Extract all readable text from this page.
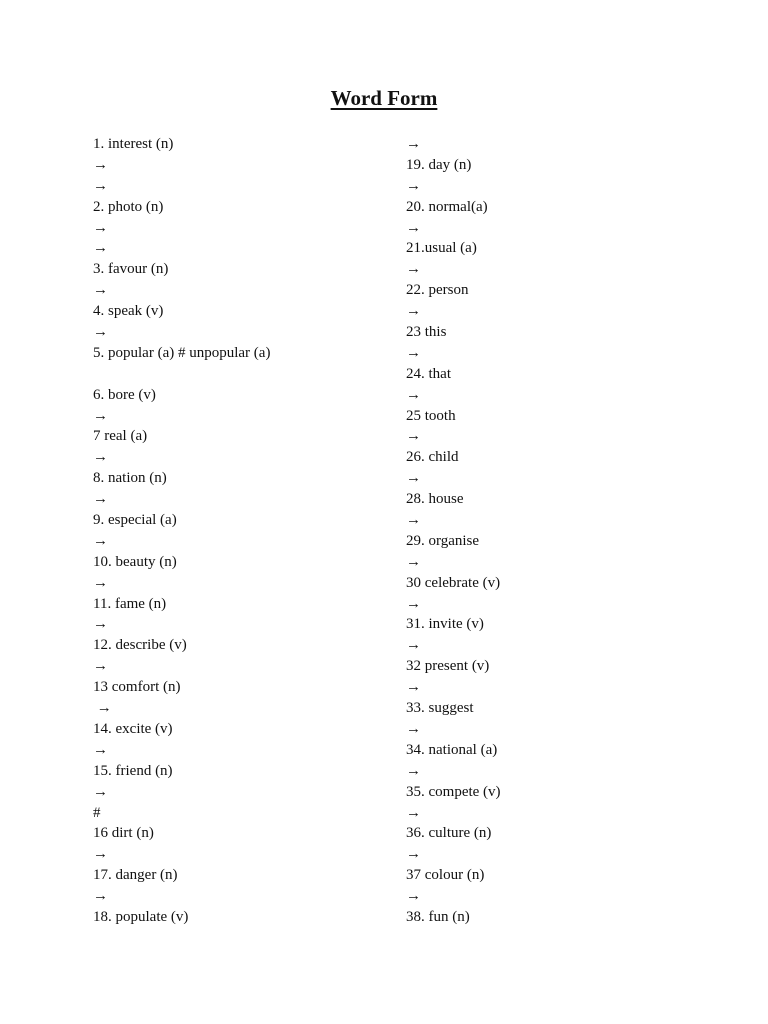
Word Form
1. interest (n)
→
→
2. photo (n)
→
→
3. favour (n)
→
4. speak (v)
→
5. popular (a) # unpopular (a)
6. bore (v)
→
7 real (a)
→
8. nation (n)
→
9. especial (a)
→
10. beauty (n)
→
11. fame (n)
→
12. describe (v)
→
13 comfort (n)
→
14. excite (v)
→
15. friend (n)
→
#
16 dirt (n)
→
17. danger (n)
→
18. populate (v)
→
19. day (n)
→
20. normal(a)
→
21.usual (a)
→
22. person
→
23 this
→
24. that
→
25 tooth
→
26. child
→
28. house
→
29. organise
→
30 celebrate (v)
→
31. invite (v)
→
32 present (v)
→
33. suggest
→
34. national (a)
→
35. compete (v)
→
36. culture (n)
→
37 colour (n)
→
38. fun (n)
